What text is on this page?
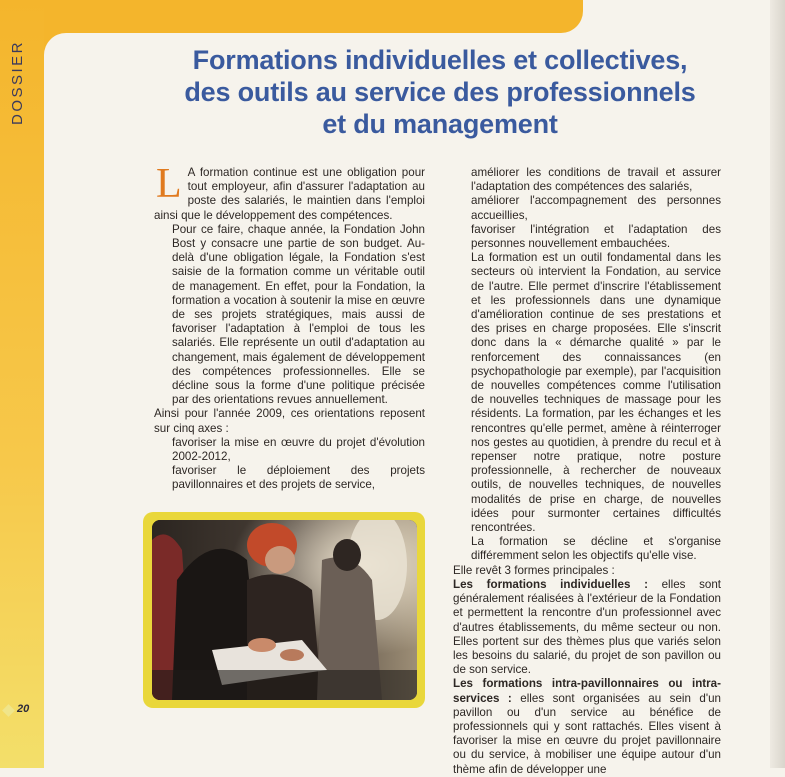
DOSSIER
20
Formations individuelles et collectives,
des outils au service des professionnels
et du management

L A formation continue est une obligation pour tout employeur, afin d'assurer l'adaptation au poste des salariés, le maintien dans l'emploi ainsi que le développement des compétences.

Pour ce faire, chaque année, la Fondation John Bost y consacre une partie de son budget. Au-delà d'une obligation légale, la Fondation s'est saisie de la formation comme un véritable outil de management. En effet, pour la Fondation, la formation a vocation à soutenir la mise en œuvre de ses projets stratégiques, mais aussi de favoriser l'adaptation à l'emploi de tous les salariés. Elle représente un outil d'adaptation au changement, mais également de développement des compétences professionnelles. Elle se décline sous la forme d'une politique précisée par des orientations revues annuellement.

Ainsi pour l'année 2009, ces orientations reposent sur cinq axes :

favoriser la mise en œuvre du projet d'évolution 2002-2012,

favoriser le déploiement des projets pavillonnaires et des projets de service,

améliorer les conditions de travail et assurer l'adaptation des compétences des salariés,

améliorer l'accompagnement des personnes accueillies,

favoriser l'intégration et l'adaptation des personnes nouvellement embauchées.

La formation est un outil fondamental dans les secteurs où intervient la Fondation, au service de l'autre. Elle permet d'inscrire l'établissement et les professionnels dans une dynamique d'amélioration continue de ses prestations et des prises en charge proposées. Elle s'inscrit donc dans la « démarche qualité » par le renforcement des connaissances (en psychopathologie par exemple), par l'acquisition de nouvelles compétences comme l'utilisation de nouvelles techniques de massage pour les résidents. La formation, par les échanges et les rencontres qu'elle permet, amène à réinterroger nos gestes au quotidien, à prendre du recul et à repenser notre pratique, notre posture professionnelle, à rechercher de nouveaux outils, de nouvelles techniques, de nouvelles modalités de prise en charge, de nouvelles idées pour surmonter certaines difficultés rencontrées.

La formation se décline et s'organise différemment selon les objectifs qu'elle vise.

Elle revêt 3 formes principales :

Les formations individuelles : elles sont généralement réalisées à l'extérieur de la Fondation et permettent la rencontre d'un professionnel avec d'autres établissements, du même secteur ou non. Elles portent sur des thèmes plus que variés selon les besoins du salarié, du projet de son pavillon ou de son service.

Les formations intra-pavillonnaires ou intra-services : elles sont organisées au sein d'un pavillon ou d'un service au bénéfice de professionnels qui y sont rattachés. Elles visent à favoriser la mise en œuvre du projet pavillonnaire ou du service, à mobiliser une équipe autour d'un thème afin de développer une
